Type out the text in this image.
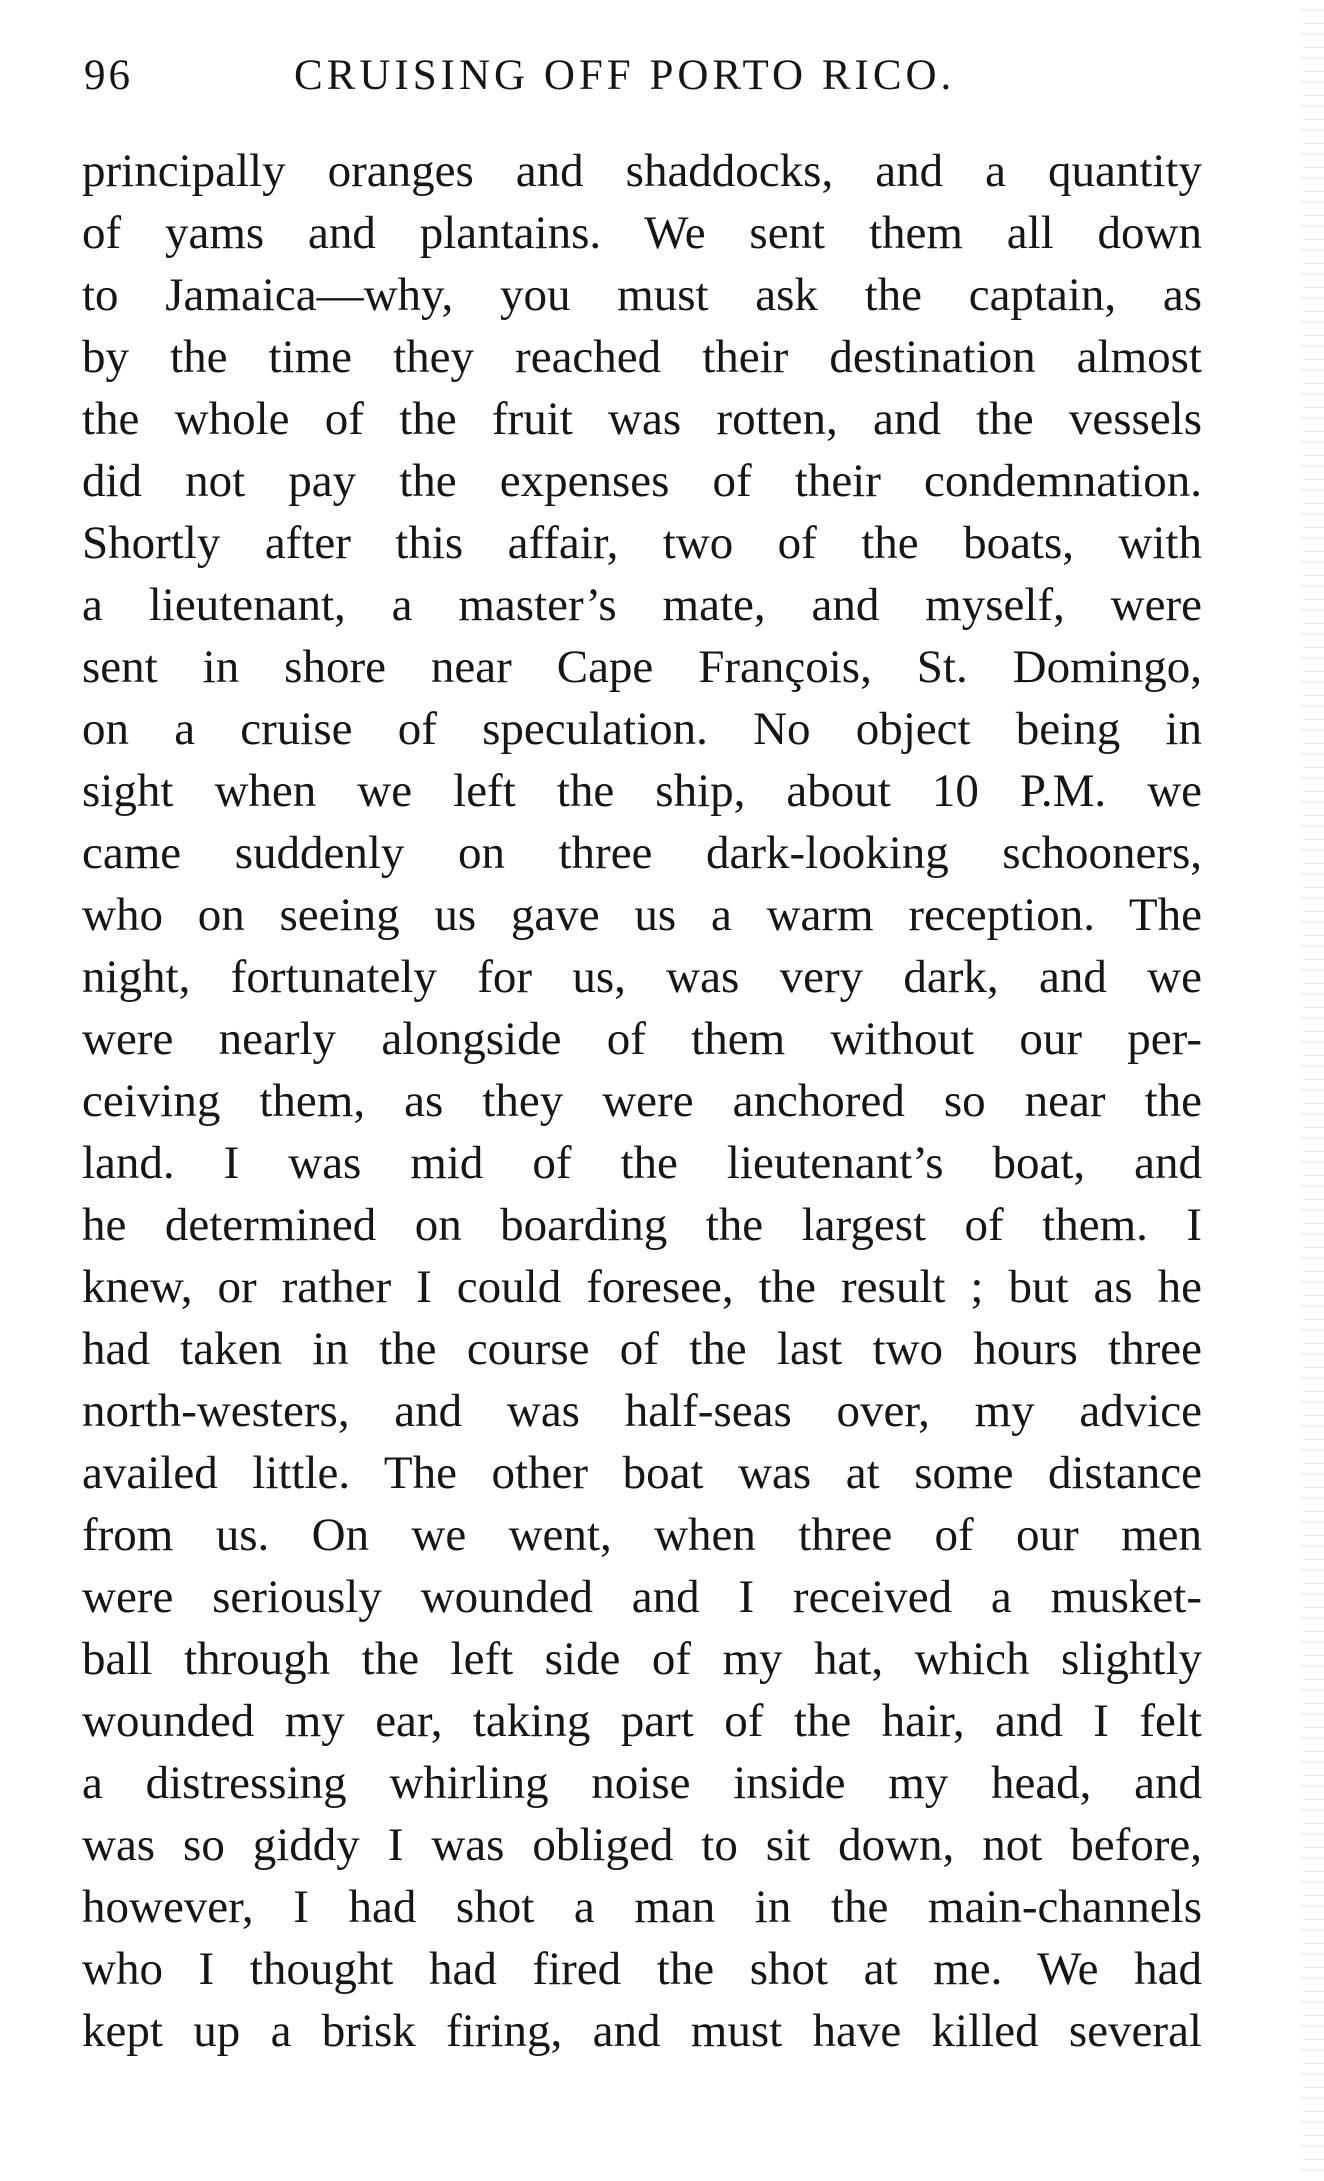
96	CRUISING OFF PORTO RICO.
principally oranges and shaddocks, and a quantity
of yams and plantains. We sent them all down
to Jamaica—why, you must ask the captain, as
by the time they reached their destination almost
the whole of the fruit was rotten, and the vessels
did not pay the expenses of their condemnation.
Shortly after this affair, two of the boats, with
a lieutenant, a master’s mate, and myself, were
sent in shore near Cape François, St. Domingo,
on a cruise of speculation. No object being in
sight when we left the ship, about 10 P.M. we
came suddenly on three dark-looking schooners,
who on seeing us gave us a warm reception. The
night, fortunately for us, was very dark, and we
were nearly alongside of them without our per-
ceiving them, as they were anchored so near the
land. I was mid of the lieutenant’s boat, and
he determined on boarding the largest of them. I
knew, or rather I could foresee, the result ; but as he
had taken in the course of the last two hours three
north-westers, and was half-seas over, my advice
availed little. The other boat was at some distance
from us. On we went, when three of our men
were seriously wounded and I received a musket-
ball through the left side of my hat, which slightly
wounded my ear, taking part of the hair, and I felt
a distressing whirling noise inside my head, and
was so giddy I was obliged to sit down, not before,
however, I had shot a man in the main-channels
who I thought had fired the shot at me. We had
kept up a brisk firing, and must have killed several
